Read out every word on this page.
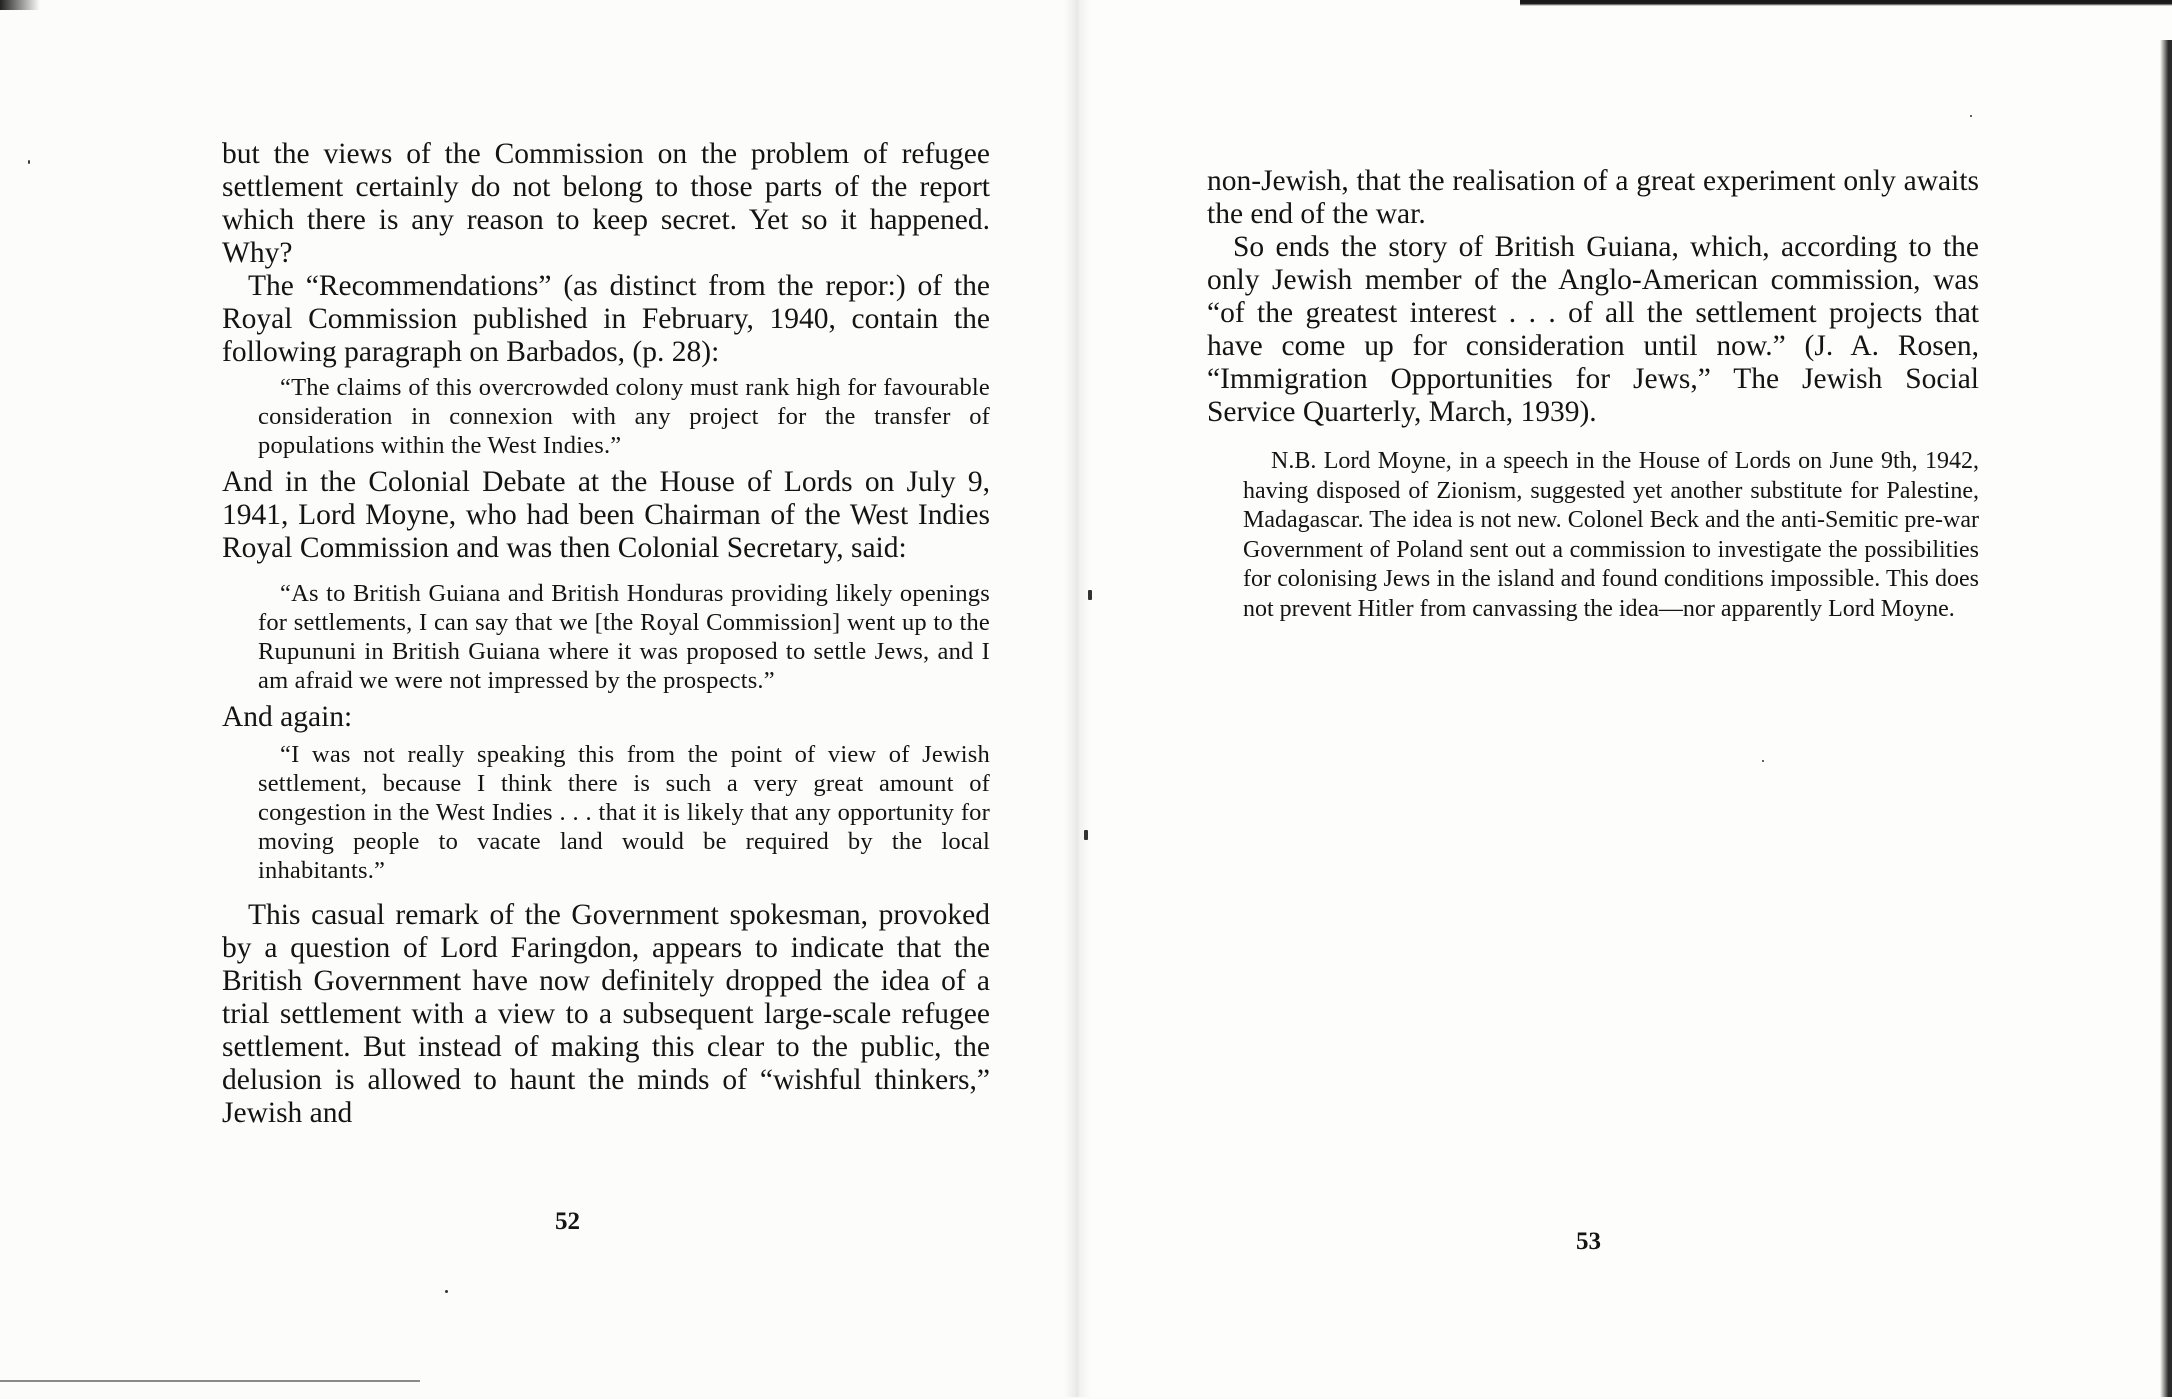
but the views of the Commission on the problem of refugee settlement certainly do not belong to those parts of the report which there is any reason to keep secret. Yet so it happened. Why?

The “Recommendations” (as distinct from the repor:) of the Royal Commission published in February, 1940, contain the following paragraph on Barbados, (p. 28):

“The claims of this overcrowded colony must rank high for favourable consideration in connexion with any project for the transfer of populations within the West Indies.”

And in the Colonial Debate at the House of Lords on July 9, 1941, Lord Moyne, who had been Chairman of the West Indies Royal Commission and was then Colonial Secretary, said:

“As to British Guiana and British Honduras providing likely openings for settlements, I can say that we [the Royal Commission] went up to the Rupununi in British Guiana where it was proposed to settle Jews, and I am afraid we were not impressed by the prospects.”

And again:

“I was not really speaking this from the point of view of Jewish settlement, because I think there is such a very great amount of congestion in the West Indies . . . that it is likely that any opportunity for moving people to vacate land would be required by the local inhabitants.”

This casual remark of the Government spokesman, provoked by a question of Lord Faringdon, appears to indicate that the British Government have now definitely dropped the idea of a trial settlement with a view to a subsequent large-scale refugee settlement. But instead of making this clear to the public, the delusion is allowed to haunt the minds of “wishful thinkers,” Jewish and

52

non-Jewish, that the realisation of a great experiment only awaits the end of the war.

So ends the story of British Guiana, which, according to the only Jewish member of the Anglo-American commission, was “of the greatest interest . . . of all the settlement projects that have come up for consideration until now.” (J. A. Rosen, “Immigration Opportunities for Jews,” The Jewish Social Service Quarterly, March, 1939).

N.B. Lord Moyne, in a speech in the House of Lords on June 9th, 1942, having disposed of Zionism, suggested yet another substitute for Palestine, Madagascar. The idea is not new. Colonel Beck and the anti-Semitic pre-war Government of Poland sent out a commission to investigate the possibilities for colonising Jews in the island and found conditions impossible. This does not prevent Hitler from canvassing the idea—nor apparently Lord Moyne.

53
